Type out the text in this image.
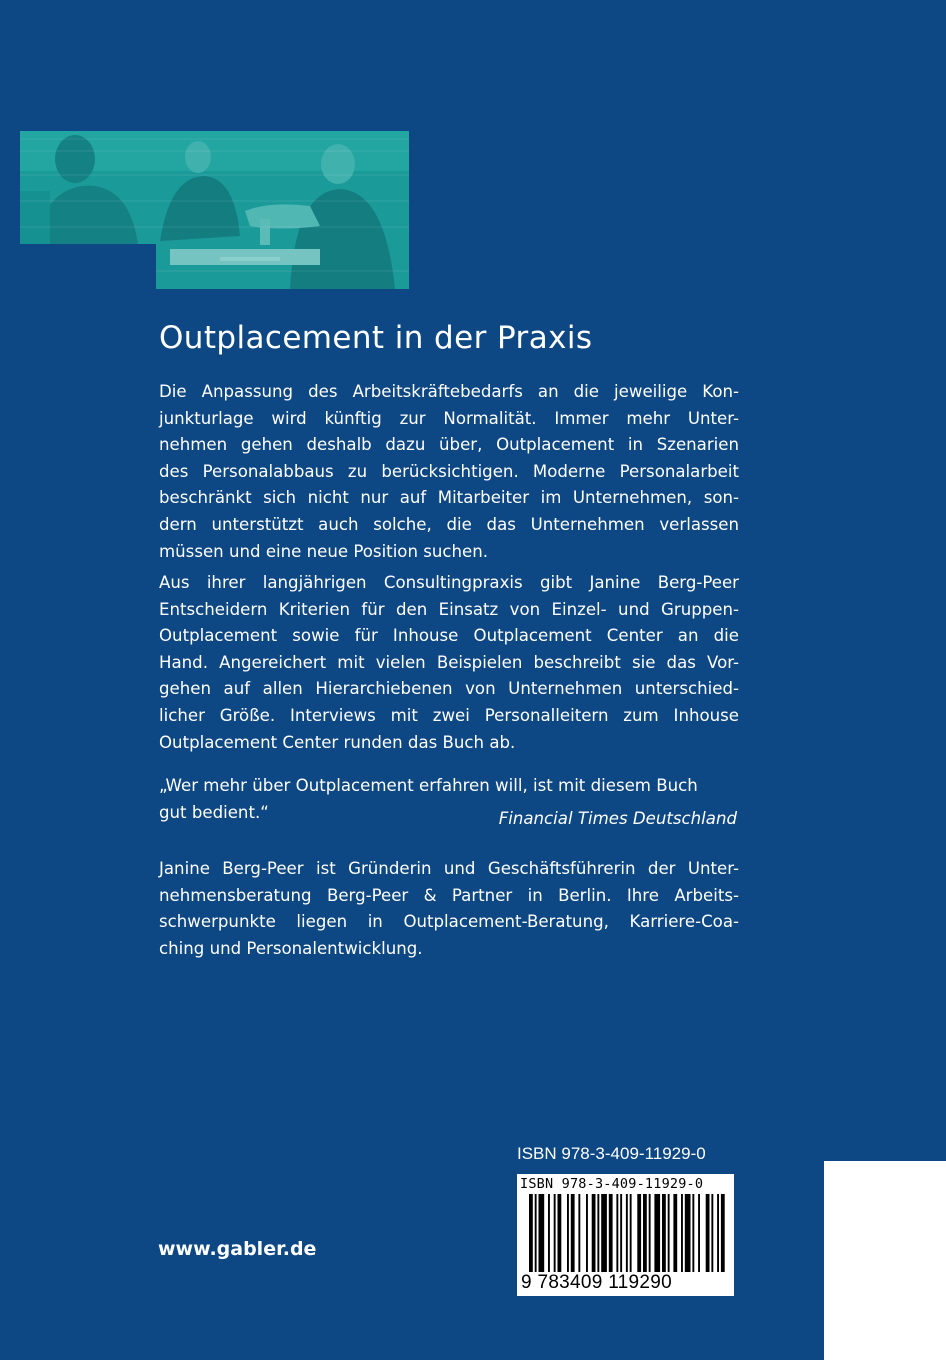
Outplacement in der Praxis
Die Anpassung des Arbeitskräftebedarfs an die jeweilige Kon-
junkturlage wird künftig zur Normalität. Immer mehr Unter-
nehmen gehen deshalb dazu über, Outplacement in Szenarien
des Personalabbaus zu berücksichtigen. Moderne Personalarbeit
beschränkt sich nicht nur auf Mitarbeiter im Unternehmen, son-
dern unterstützt auch solche, die das Unternehmen verlassen
müssen und eine neue Position suchen.
Aus ihrer langjährigen Consultingpraxis gibt Janine Berg-Peer
Entscheidern Kriterien für den Einsatz von Einzel- und Gruppen-
Outplacement sowie für Inhouse Outplacement Center an die
Hand. Angereichert mit vielen Beispielen beschreibt sie das Vor-
gehen auf allen Hierarchiebenen von Unternehmen unterschied-
licher Größe. Interviews mit zwei Personalleitern zum Inhouse
Outplacement Center runden das Buch ab.
„Wer mehr über Outplacement erfahren will, ist mit diesem Buch
gut bedient.“	Financial Times Deutschland
Janine Berg-Peer ist Gründerin und Geschäftsführerin der Unter-
nehmensberatung Berg-Peer & Partner in Berlin. Ihre Arbeits-
schwerpunkte liegen in Outplacement-Beratung, Karriere-Coa-
ching und Personalentwicklung.
ISBN 978-3-409-11929-0
ISBN 978-3-409-11929-0
9 783409 119290
www.gabler.de
